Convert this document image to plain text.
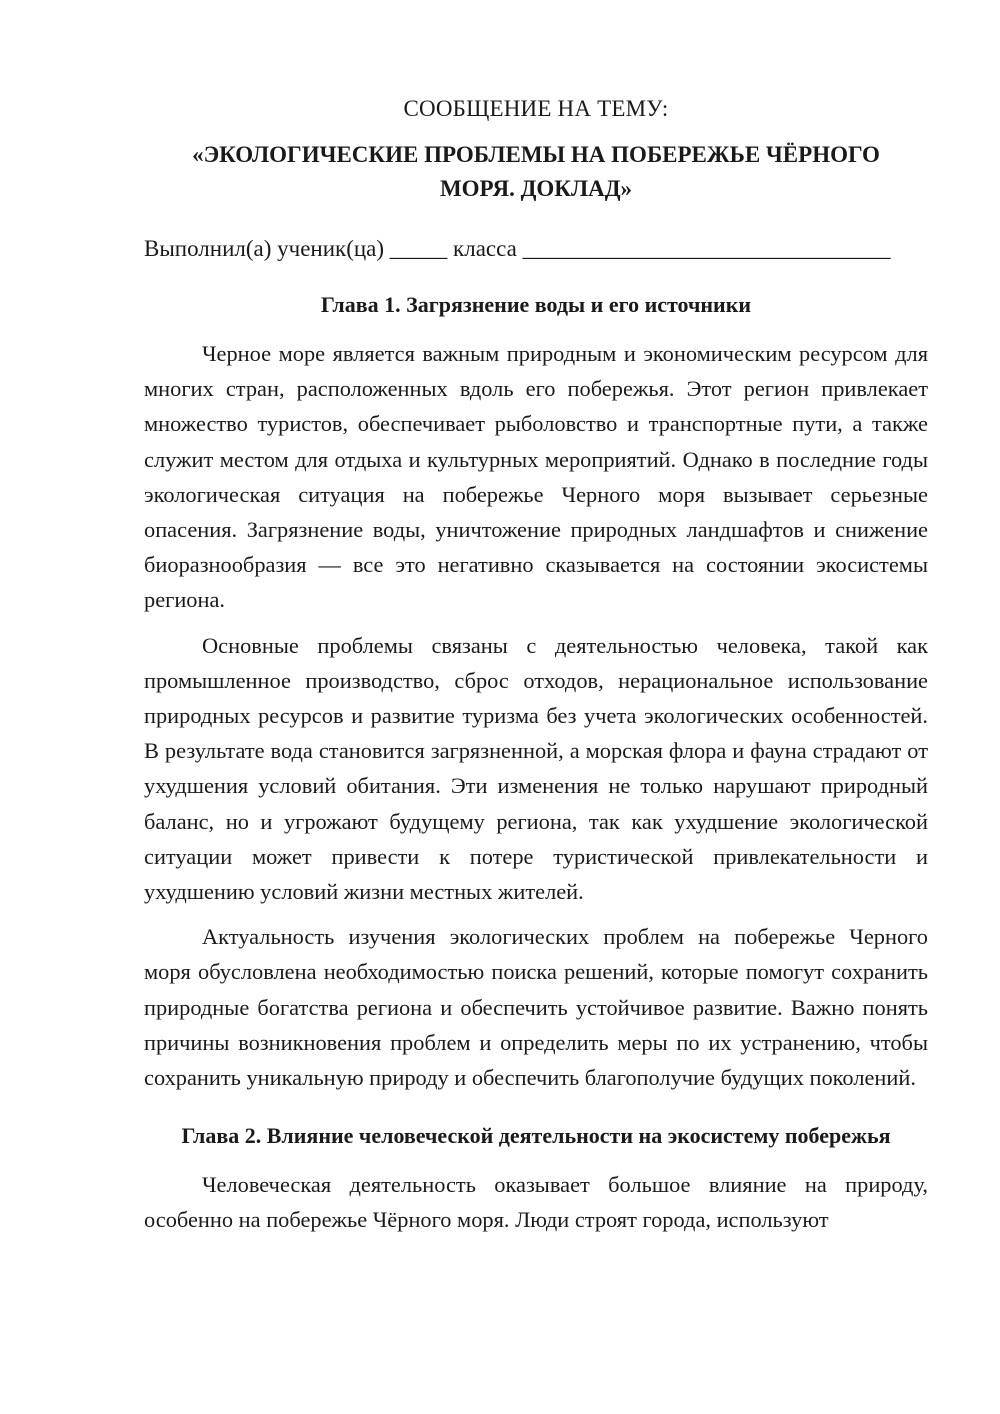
СООБЩЕНИЕ НА ТЕМУ:

«ЭКОЛОГИЧЕСКИЕ ПРОБЛЕМЫ НА ПОБЕРЕЖЬЕ ЧЁРНОГО МОРЯ. ДОКЛАД»

Выполнил(а) ученик(ца) _____ класса ________________________________

Глава 1. Загрязнение воды и его источники

Черное море является важным природным и экономическим ресурсом для многих стран, расположенных вдоль его побережья. Этот регион привлекает множество туристов, обеспечивает рыболовство и транспортные пути, а также служит местом для отдыха и культурных мероприятий. Однако в последние годы экологическая ситуация на побережье Черного моря вызывает серьезные опасения. Загрязнение воды, уничтожение природных ландшафтов и снижение биоразнообразия — все это негативно сказывается на состоянии экосистемы региона.

Основные проблемы связаны с деятельностью человека, такой как промышленное производство, сброс отходов, нерациональное использование природных ресурсов и развитие туризма без учета экологических особенностей. В результате вода становится загрязненной, а морская флора и фауна страдают от ухудшения условий обитания. Эти изменения не только нарушают природный баланс, но и угрожают будущему региона, так как ухудшение экологической ситуации может привести к потере туристической привлекательности и ухудшению условий жизни местных жителей.

Актуальность изучения экологических проблем на побережье Черного моря обусловлена необходимостью поиска решений, которые помогут сохранить природные богатства региона и обеспечить устойчивое развитие. Важно понять причины возникновения проблем и определить меры по их устранению, чтобы сохранить уникальную природу и обеспечить благополучие будущих поколений.

Глава 2. Влияние человеческой деятельности на экосистему побережья

Человеческая деятельность оказывает большое влияние на природу, особенно на побережье Чёрного моря. Люди строят города, используют
